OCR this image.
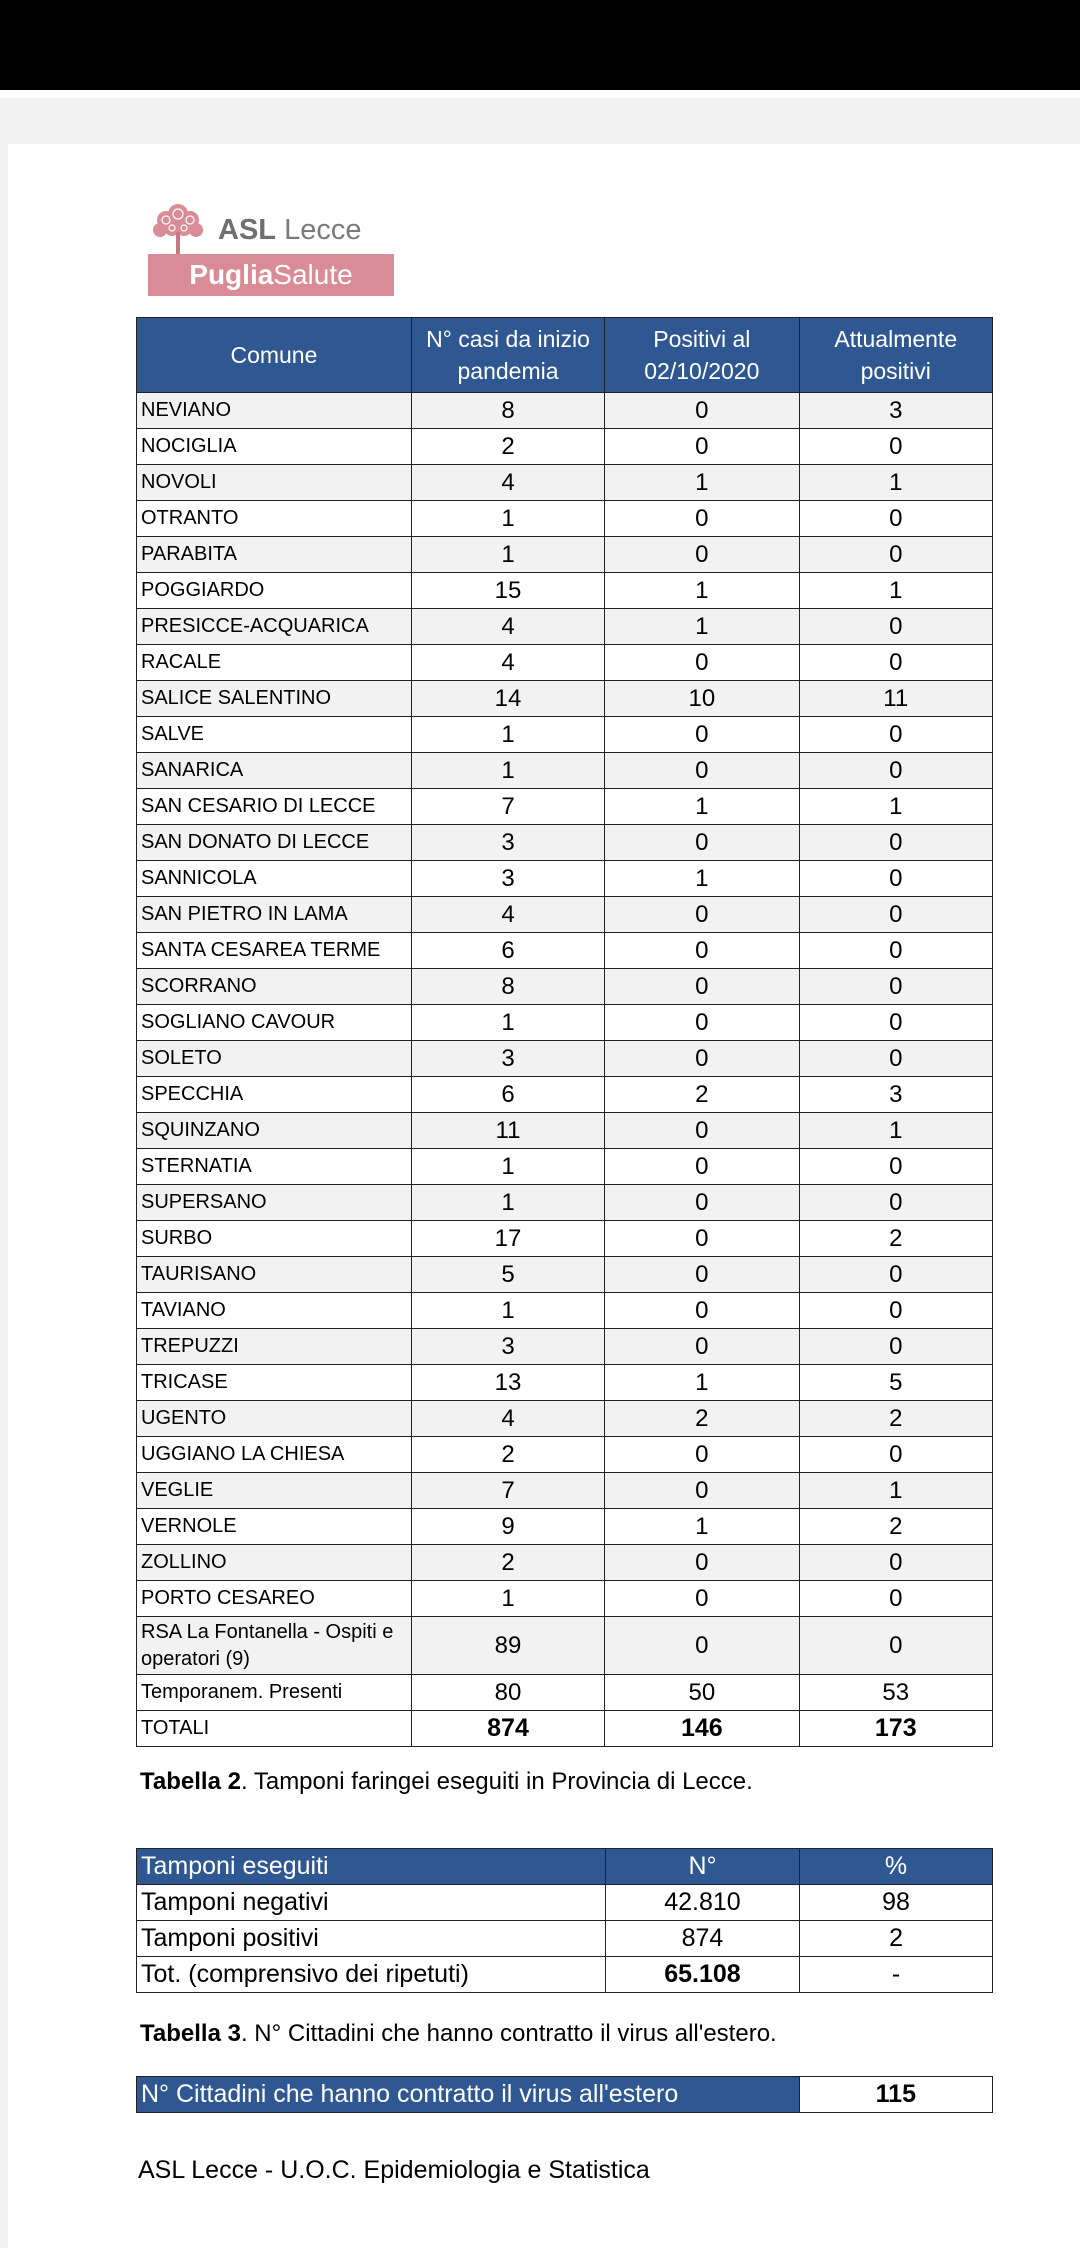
ASL Lecce
PugliaSalute
Comune	N° casi da inizio pandemia	Positivi al 02/10/2020	Attualmente positivi
NEVIANO	8	0	3
NOCIGLIA	2	0	0
NOVOLI	4	1	1
OTRANTO	1	0	0
PARABITA	1	0	0
POGGIARDO	15	1	1
PRESICCE-ACQUARICA	4	1	0
RACALE	4	0	0
SALICE SALENTINO	14	10	11
SALVE	1	0	0
SANARICA	1	0	0
SAN CESARIO DI LECCE	7	1	1
SAN DONATO DI LECCE	3	0	0
SANNICOLA	3	1	0
SAN PIETRO IN LAMA	4	0	0
SANTA CESAREA TERME	6	0	0
SCORRANO	8	0	0
SOGLIANO CAVOUR	1	0	0
SOLETO	3	0	0
SPECCHIA	6	2	3
SQUINZANO	11	0	1
STERNATIA	1	0	0
SUPERSANO	1	0	0
SURBO	17	0	2
TAURISANO	5	0	0
TAVIANO	1	0	0
TREPUZZI	3	0	0
TRICASE	13	1	5
UGENTO	4	2	2
UGGIANO LA CHIESA	2	0	0
VEGLIE	7	0	1
VERNOLE	9	1	2
ZOLLINO	2	0	0
PORTO CESAREO	1	0	0
RSA La Fontanella - Ospiti e operatori (9)	89	0	0
Temporanem. Presenti	80	50	53
TOTALI	874	146	173
Tabella 2. Tamponi faringei eseguiti in Provincia di Lecce.
Tamponi eseguiti	N°	%
Tamponi negativi	42.810	98
Tamponi positivi	874	2
Tot. (comprensivo dei ripetuti)	65.108	-
Tabella 3. N° Cittadini che hanno contratto il virus all'estero.
N° Cittadini che hanno contratto il virus all'estero	115
ASL Lecce - U.O.C. Epidemiologia e Statistica
